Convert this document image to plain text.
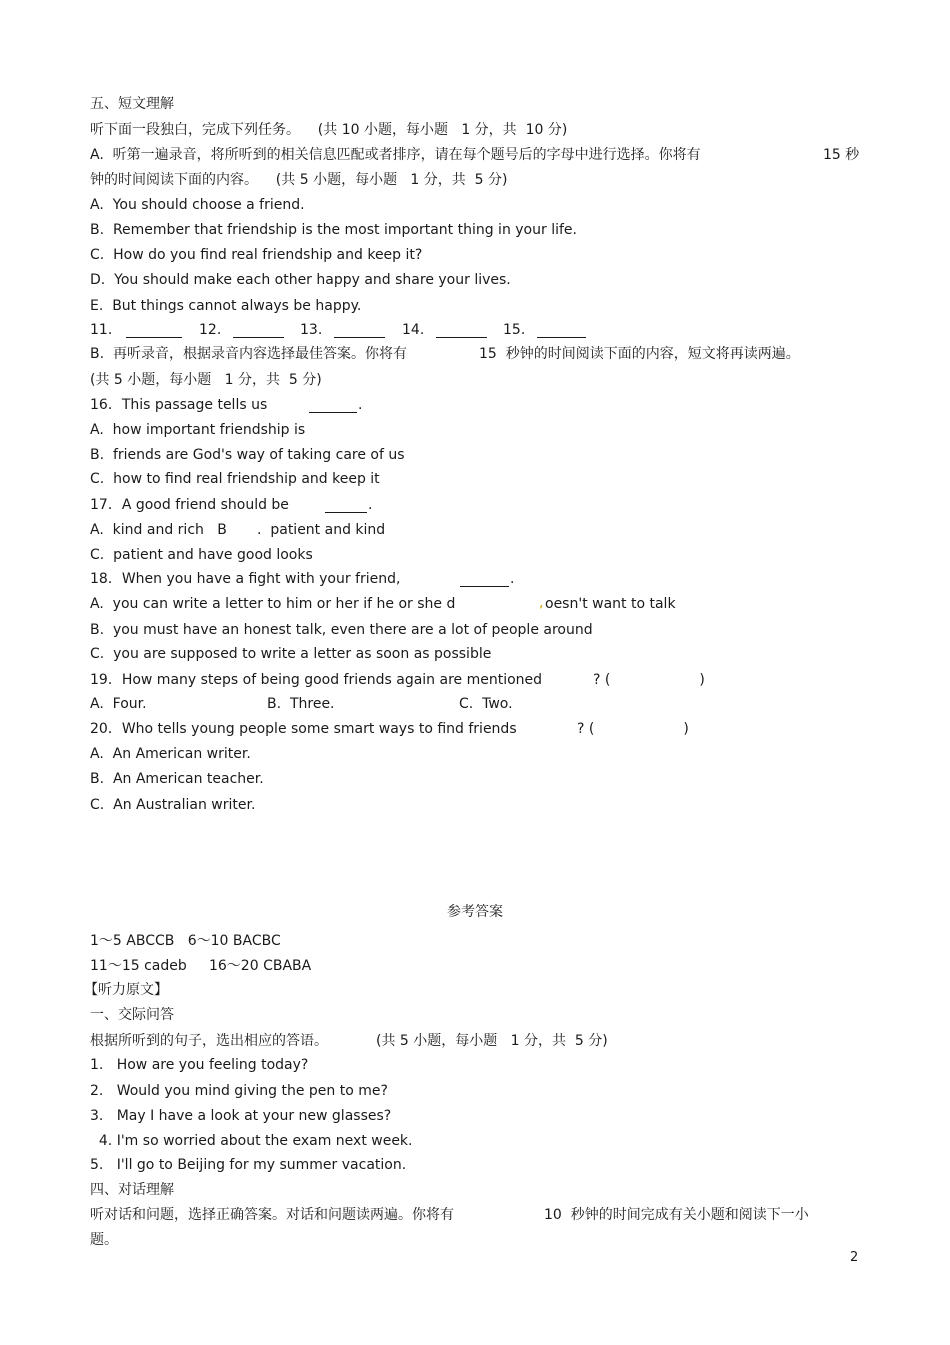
五、短文理解
听下面一段独白，完成下列任务。    (共 10 小题，每小题   1 分，共  10 分)
A.  听第一遍录音，将所听到的相关信息匹配或者排序，请在每个题号后的字母中进行选择。你将有	15 秒
钟的时间阅读下面的内容。    (共 5 小题，每小题   1 分，共  5 分)
A.  You should choose a friend.
B.  Remember that friendship is the most important thing in your life.
C.  How do you find real friendship and keep it?
D.  You should make each other happy and share your lives.
E.  But things cannot always be happy.
11．	12.	13.	14.	15.
B.  再听录音，根据录音内容选择最佳答案。你将有	15  秒钟的时间阅读下面的内容，短文将再读两遍。
(共 5 小题，每小题   1 分，共  5 分)
16．This passage tells us	.
A.  how important friendship is
B.  friends are God's way of taking care of us
C.  how to find real friendship and keep it
17．A good friend should be	.
A.  kind and rich   B .  patient and kind
C.  patient and have good looks
18．When you have a fight with your friend,	.
A.  you can write a letter to him or her if he or she d	, oesn't want to talk
B.  you must have an honest talk, even there are a lot of people around
C.  you are supposed to write a letter as soon as possible
19．How many steps of being good friends again are mentioned	? (                    )
A.  Four.	B.  Three.	C.  Two.
20．Who tells young people some smart ways to find friends	? (                    )
A.  An American writer.
B.  An American teacher.
C.  An Australian writer.
参考答案
1～5 ABCCB   6～10 BACBC
11～15 cadeb     16～20 CBABA
【听力原文】
一、交际问答
根据所听到的句子，选出相应的答语。	(共 5 小题，每小题   1 分，共  5 分)
1.   How are you feeling today?
2.   Would you mind giving the pen to me?
3.   May I have a look at your new glasses?
4. I'm so worried about the exam next week.
5.   I'll go to Beijing for my summer vacation.
四、对话理解
听对话和问题，选择正确答案。对话和问题读两遍。你将有	10  秒钟的时间完成有关小题和阅读下一小
题。
2
